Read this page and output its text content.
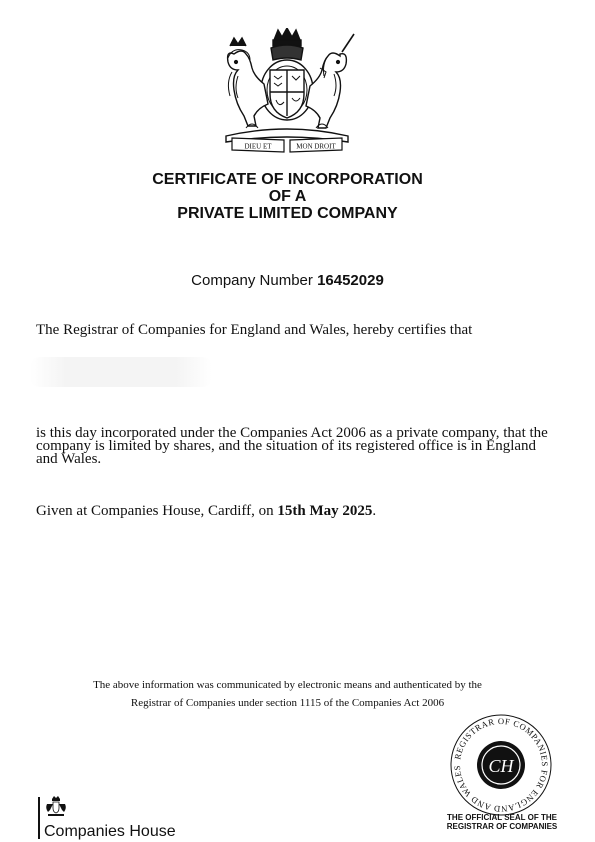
DIEU ET	MON DROIT
CERTIFICATE OF INCORPORATION
OF A
PRIVATE LIMITED COMPANY
Company Number 16452029
The Registrar of Companies for England and Wales, hereby certifies that
is this day incorporated under the Companies Act 2006 as a private company, that the company is limited by shares, and the situation of its registered office is in England and Wales.
Given at Companies House, Cardiff, on 15th May 2025.
The above information was communicated by electronic means and authenticated by the
Registrar of Companies under section 1115 of the Companies Act 2006
REGISTRAR OF COMPANIES FOR ENGLAND AND WALES	CH
THE OFFICIAL SEAL OF THE
REGISTRAR OF COMPANIES
Companies House
